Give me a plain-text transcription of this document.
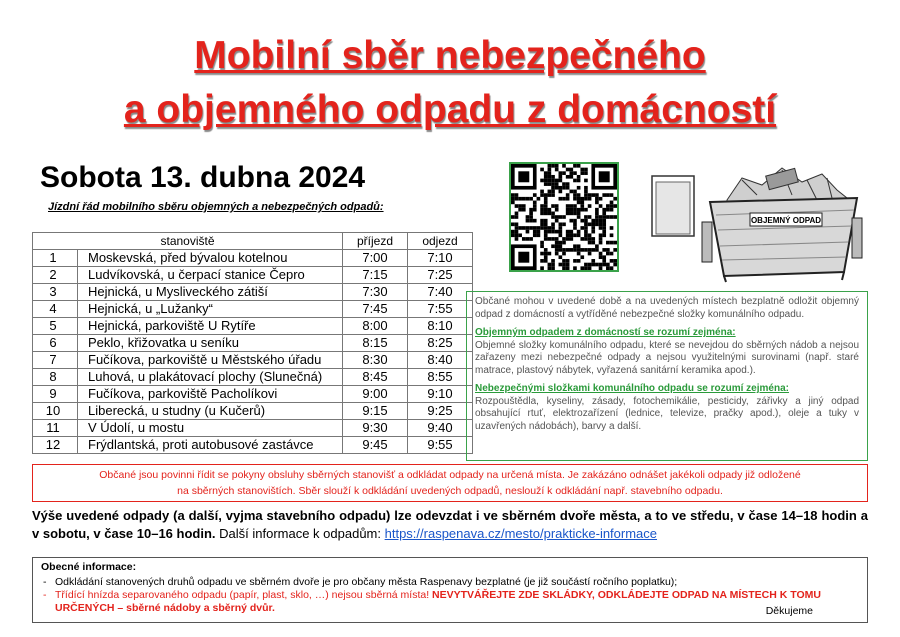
Mobilní sběr nebezpečného
a objemného odpadu z domácností
Sobota 13. dubna 2024
Jízdní řád mobilního sběru objemných a nebezpečných odpadů:
stanoviště		příjezd	odjezd
1	Moskevská, před bývalou kotelnou	7:00	7:10
2	Ludvíkovská, u čerpací stanice Čepro	7:15	7:25
3	Hejnická, u Mysliveckého zátiší	7:30	7:40
4	Hejnická, u „Lužanky“	7:45	7:55
5	Hejnická, parkoviště U Rytíře	8:00	8:10
6	Peklo, křižovatka u seníku	8:15	8:25
7	Fučíkova, parkoviště u Městského úřadu	8:30	8:40
8	Luhová, u plakátovací plochy (Slunečná)	8:45	8:55
9	Fučíkova, parkoviště Pacholíkovi	9:00	9:10
10	Liberecká, u studny (u Kučerů)	9:15	9:25
11	V Údolí, u mostu	9:30	9:40
12	Frýdlantská, proti autobusové zastávce	9:45	9:55
OBJEMNÝ ODPAD

Občané mohou v uvedené době a na uvedených místech bezplatně odložit objemný odpad z domácností a vytříděné nebezpečné složky komunálního odpadu.

Objemným odpadem z domácností se rozumí zejména:

Objemné složky komunálního odpadu, které se nevejdou do sběrných nádob a nejsou zařazeny mezi nebezpečné odpady a nejsou využitelnými surovinami (např. staré matrace, plastový nábytek, vyřazená sanitární keramika apod.).

Nebezpečnými složkami komunálního odpadu se rozumí zejména:

Rozpouštědla, kyseliny, zásady, fotochemikálie, pesticidy, zářivky a jiný odpad obsahující rtuť, elektrozařízení (lednice, televize, pračky apod.), oleje a tuky v uzavřených nádobách), barvy a další.

Občané jsou povinni řídit se pokyny obsluhy sběrných stanovišť a odkládat odpady na určená místa. Je zakázáno odnášet jakékoli odpady již odložené
na sběrných stanovištích. Sběr slouží k odkládání uvedených odpadů, neslouží k odkládání např. stavebního odpadu.
Výše uvedené odpady (a další, vyjma stavebního odpadu) lze odevzdat i ve sběrném dvoře města, a to ve středu, v čase 14–18 hodin a v sobotu, v čase 10–16 hodin. Další informace k odpadům: https://raspenava.cz/mesto/prakticke-informace
Obecné informace:
- Odkládání stanovených druhů odpadu ve sběrném dvoře je pro občany města Raspenavy bezplatné (je již součástí ročního poplatku);
- Třídící hnízda separovaného odpadu (papír, plast, sklo, …) nejsou sběrná místa! NEVYTVÁŘEJTE ZDE SKLÁDKY, ODKLÁDEJTE ODPAD NA MÍSTECH K TOMU URČENÝCH – sběrné nádoby a sběrný dvůr.	Děkujeme
